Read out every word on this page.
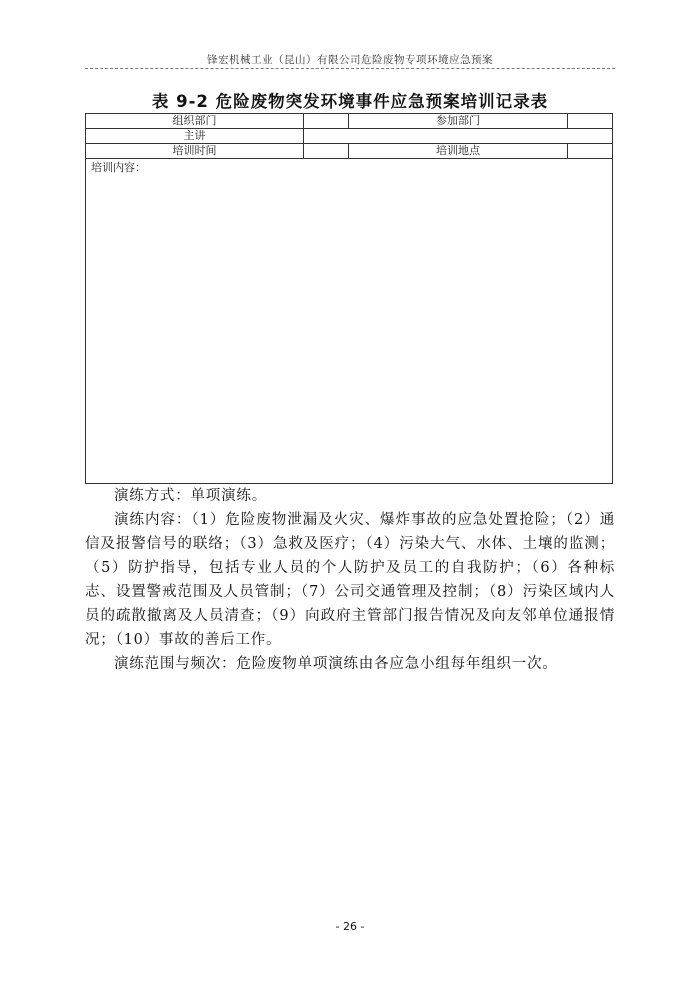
锋宏机械工业（昆山）有限公司危险废物专项环境应急预案
表 9-2 危险废物突发环境事件应急预案培训记录表
组织部门		参加部门	
主讲			
培训时间		培训地点	
培训内容：			

演练方式：单项演练。

演练内容：（1）危险废物泄漏及火灾、爆炸事故的应急处置抢险；（2）通信及报警信号的联络；（3）急救及医疗；（4）污染大气、水体、土壤的监测；（5）防护指导，包括专业人员的个人防护及员工的自我防护；（6）各种标志、设置警戒范围及人员管制；（7）公司交通管理及控制；（8）污染区域内人员的疏散撤离及人员清查；（9）向政府主管部门报告情况及向友邻单位通报情况；（10）事故的善后工作。

演练范围与频次：危险废物单项演练由各应急小组每年组织一次。

- 26 -
